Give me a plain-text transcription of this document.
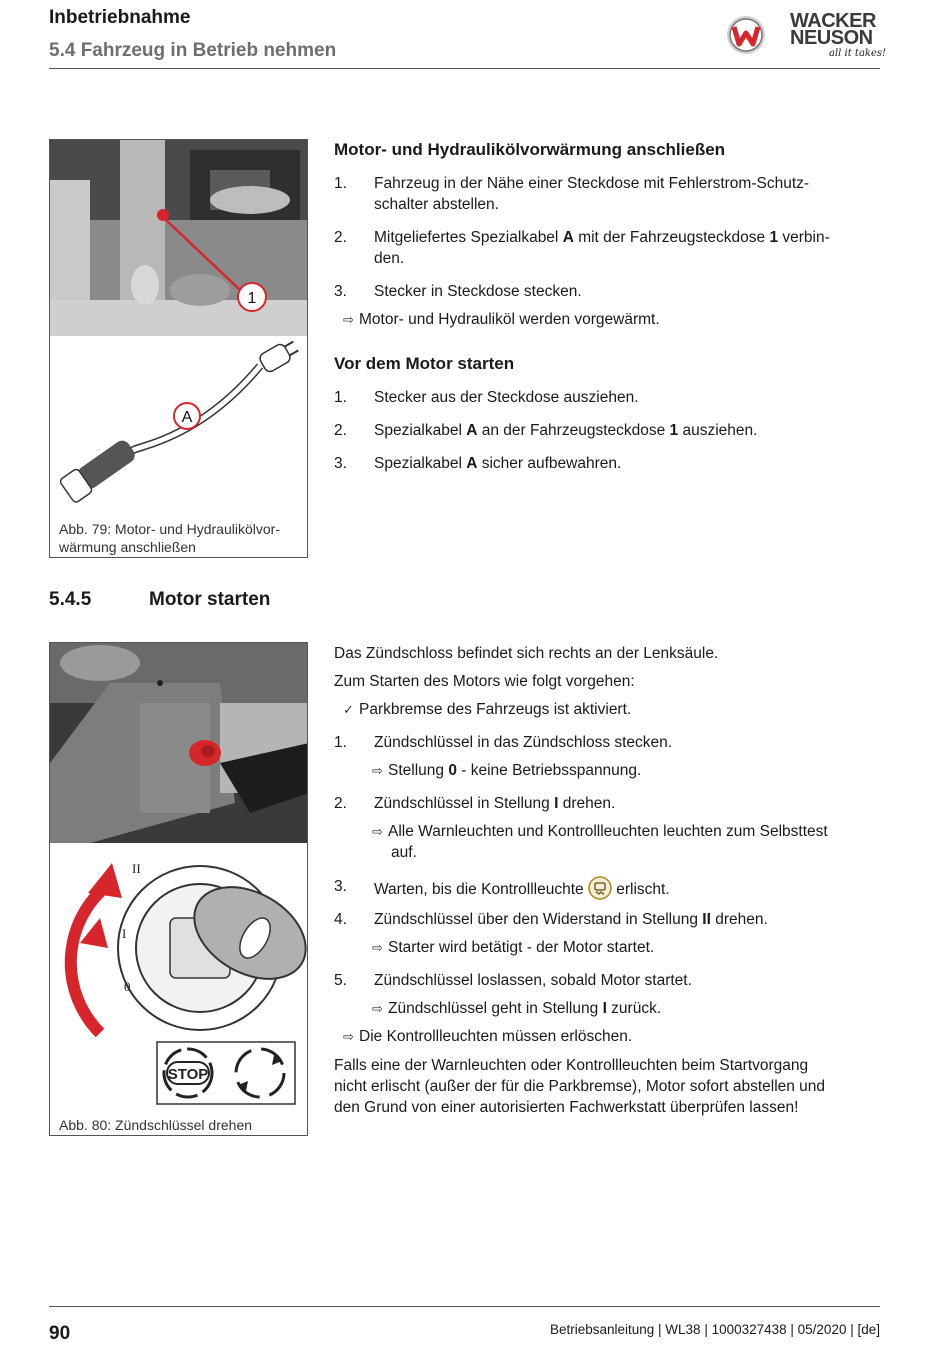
Inbetriebnahme
5.4 Fahrzeug in Betrieb nehmen
WACKER
NEUSON
all it takes!
1
A
Abb. 79: Motor- und Hydraulikölvor-
wärmung anschließen
Motor- und Hydraulikölvorwärmung anschließen
1. Fahrzeug in der Nähe einer Steckdose mit Fehlerstrom-Schutz-
schalter abstellen.
2. Mitgeliefertes Spezialkabel A mit der Fahrzeugsteckdose 1 verbin-
den.
3. Stecker in Steckdose stecken.
⇨ Motor- und Hydrauliköl werden vorgewärmt.
Vor dem Motor starten
1. Stecker aus der Steckdose ausziehen.
2. Spezialkabel A an der Fahrzeugsteckdose 1 ausziehen.
3. Spezialkabel A sicher aufbewahren.
5.4.5	Motor starten
II
I
0
STOP
Abb. 80: Zündschlüssel drehen
Das Zündschloss befindet sich rechts an der Lenksäule.
Zum Starten des Motors wie folgt vorgehen:
✓ Parkbremse des Fahrzeugs ist aktiviert.
1. Zündschlüssel in das Zündschloss stecken.
⇨ Stellung 0 - keine Betriebsspannung.
2. Zündschlüssel in Stellung I drehen.
⇨ Alle Warnleuchten und Kontrollleuchten leuchten zum Selbsttest
auf.
3. Warten, bis die Kontrollleuchte  erlischt.
4. Zündschlüssel über den Widerstand in Stellung II drehen.
⇨ Starter wird betätigt - der Motor startet.
5. Zündschlüssel loslassen, sobald Motor startet.
⇨ Zündschlüssel geht in Stellung I zurück.
⇨ Die Kontrollleuchten müssen erlöschen.
Falls eine der Warnleuchten oder Kontrollleuchten beim Startvorgang
nicht erlischt (außer der für die Parkbremse), Motor sofort abstellen und
den Grund von einer autorisierten Fachwerkstatt überprüfen lassen!
90	Betriebsanleitung | WL38 | 1000327438 | 05/2020 | [de]
